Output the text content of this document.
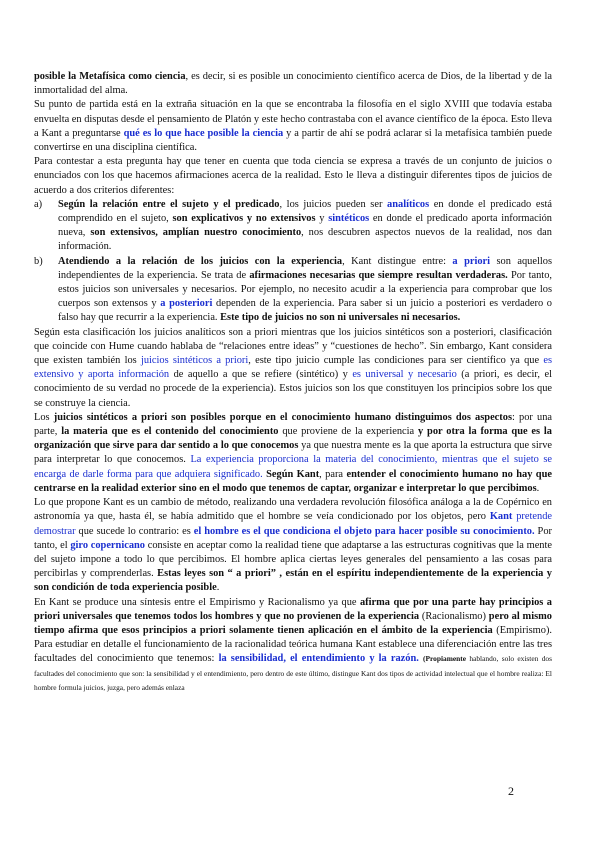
posible la Metafísica como ciencia, es decir, si es posible un conocimiento científico acerca de Dios, de la libertad y de la inmortalidad del alma.

Su punto de partida está en la extraña situación en la que se encontraba la filosofía en el siglo XVIII que todavía estaba envuelta en disputas desde el pensamiento de Platón y este hecho contrastaba con el avance científico de la época. Esto lleva a Kant a preguntarse qué es lo que hace posible la ciencia y a partir de ahí se podrá aclarar si la metafísica también puede convertirse en una disciplina científica.

Para contestar a esta pregunta hay que tener en cuenta que toda ciencia se expresa a través de un conjunto de juicios o enunciados con los que hacemos afirmaciones acerca de la realidad. Esto le lleva a distinguir diferentes tipos de juicios de acuerdo a dos criterios diferentes:

a)	Según la relación entre el sujeto y el predicado, los juicios pueden ser analíticos en donde el predicado está comprendido en el sujeto, son explicativos y no extensivos y sintéticos en donde el predicado aporta información nueva, son extensivos, amplían nuestro conocimiento, nos descubren aspectos nuevos de la realidad, nos dan información.
b)	Atendiendo a la relación de los juicios con la experiencia, Kant distingue entre: a priori son aquellos independientes de la experiencia. Se trata de afirmaciones necesarias que siempre resultan verdaderas. Por tanto, estos juicios son universales y necesarios. Por ejemplo, no necesito acudir a la experiencia para comprobar que los cuerpos son extensos y a posteriori dependen de la experiencia. Para saber si un juicio a posteriori es verdadero o falso hay que recurrir a la experiencia. Este tipo de juicios no son ni universales ni necesarios.

Según esta clasificación los juicios analíticos son a priori mientras que los juicios sintéticos son a posteriori, clasificación que coincide con Hume cuando hablaba de “relaciones entre ideas” y “cuestiones de hecho”. Sin embargo, Kant considera que existen también los juicios sintéticos a priori, este tipo juicio cumple las condiciones para ser científico ya que es extensivo y aporta información de aquello a que se refiere (sintético) y es universal y necesario (a priori, es decir, el conocimiento de su verdad no procede de la experiencia). Estos juicios son los que constituyen los principios sobre los que se construye la ciencia.

Los juicios sintéticos a priori son posibles porque en el conocimiento humano distinguimos dos aspectos: por una parte, la materia que es el contenido del conocimiento que proviene de la experiencia y por otra la forma que es la organización que sirve para dar sentido a lo que conocemos ya que nuestra mente es la que aporta la estructura que sirve para interpretar lo que conocemos. La experiencia proporciona la materia del conocimiento, mientras que el sujeto se encarga de darle forma para que adquiera significado. Según Kant, para entender el conocimiento humano no hay que centrarse en la realidad exterior sino en el modo que tenemos de captar, organizar e interpretar lo que percibimos.

Lo que propone Kant es un cambio de método, realizando una verdadera revolución filosófica análoga a la de Copérnico en astronomía ya que, hasta él, se había admitido que el hombre se veía condicionado por los objetos, pero Kant pretende demostrar que sucede lo contrario: es el hombre es el que condiciona el objeto para hacer posible su conocimiento. Por tanto, el giro copernicano consiste en aceptar como la realidad tiene que adaptarse a las estructuras cognitivas que la mente del sujeto impone a todo lo que percibimos. El hombre aplica ciertas leyes generales del pensamiento a las cosas para percibirlas y comprenderlas. Estas leyes son “ a priori” , están en el espíritu independientemente de la experiencia y son condición de toda experiencia posible.

En Kant se produce una síntesis entre el Empirismo y Racionalismo ya que afirma que por una parte hay principios a priori universales que tenemos todos los hombres y que no provienen de la experiencia (Racionalismo) pero al mismo tiempo afirma que esos principios a priori solamente tienen aplicación en el ámbito de la experiencia (Empirismo). Para estudiar en detalle el funcionamiento de la racionalidad teórica humana Kant establece una diferenciación entre las tres facultades del conocimiento que tenemos: la sensibilidad, el entendimiento y la razón. (Propiamente hablando, solo existen dos facultades del conocimiento que son: la sensibilidad y el entendimiento, pero dentro de este último, distingue Kant dos tipos de actividad intelectual que el hombre realiza: El hombre formula juicios, juzga, pero además enlaza

2
